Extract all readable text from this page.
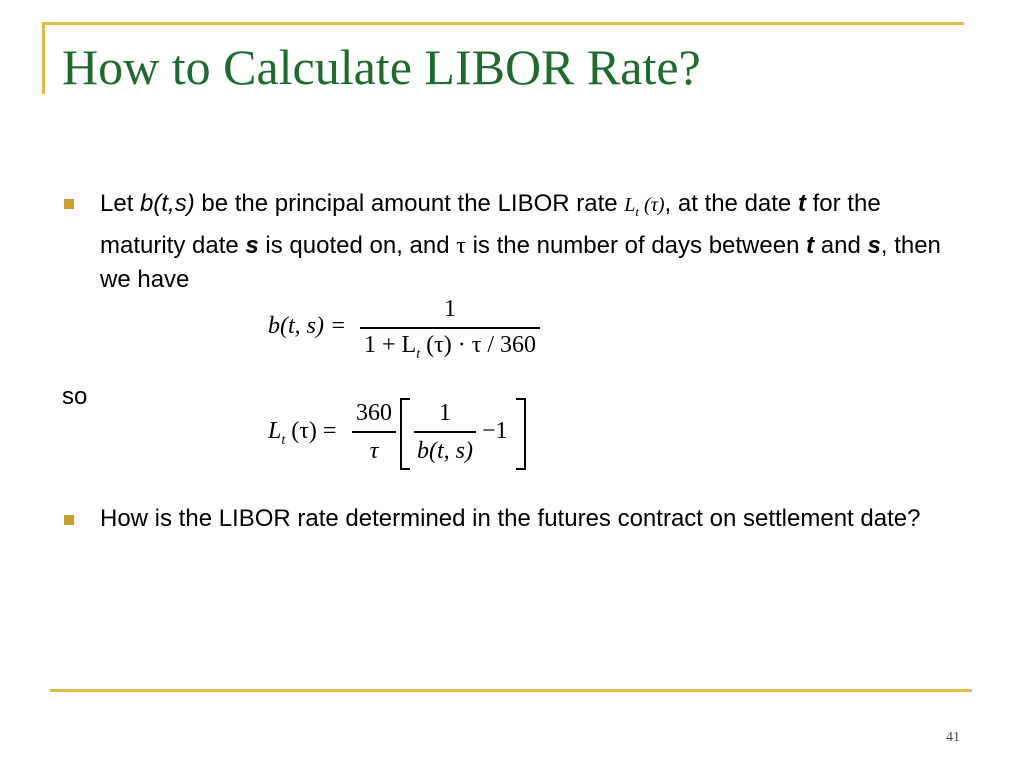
How to Calculate LIBOR Rate?
Let b(t,s) be the principal amount the LIBOR rate $L_t$ (τ), at the date t for the maturity date s is quoted on, and τ is the number of days between t and s, then we have
b(t, s) =
1
$1 + L_t$ (τ) · τ / 360
so
$L_t$ (τ) =
360
τ
1
b(t, s)
−1
How is the LIBOR rate determined in the futures contract on settlement date?
41
